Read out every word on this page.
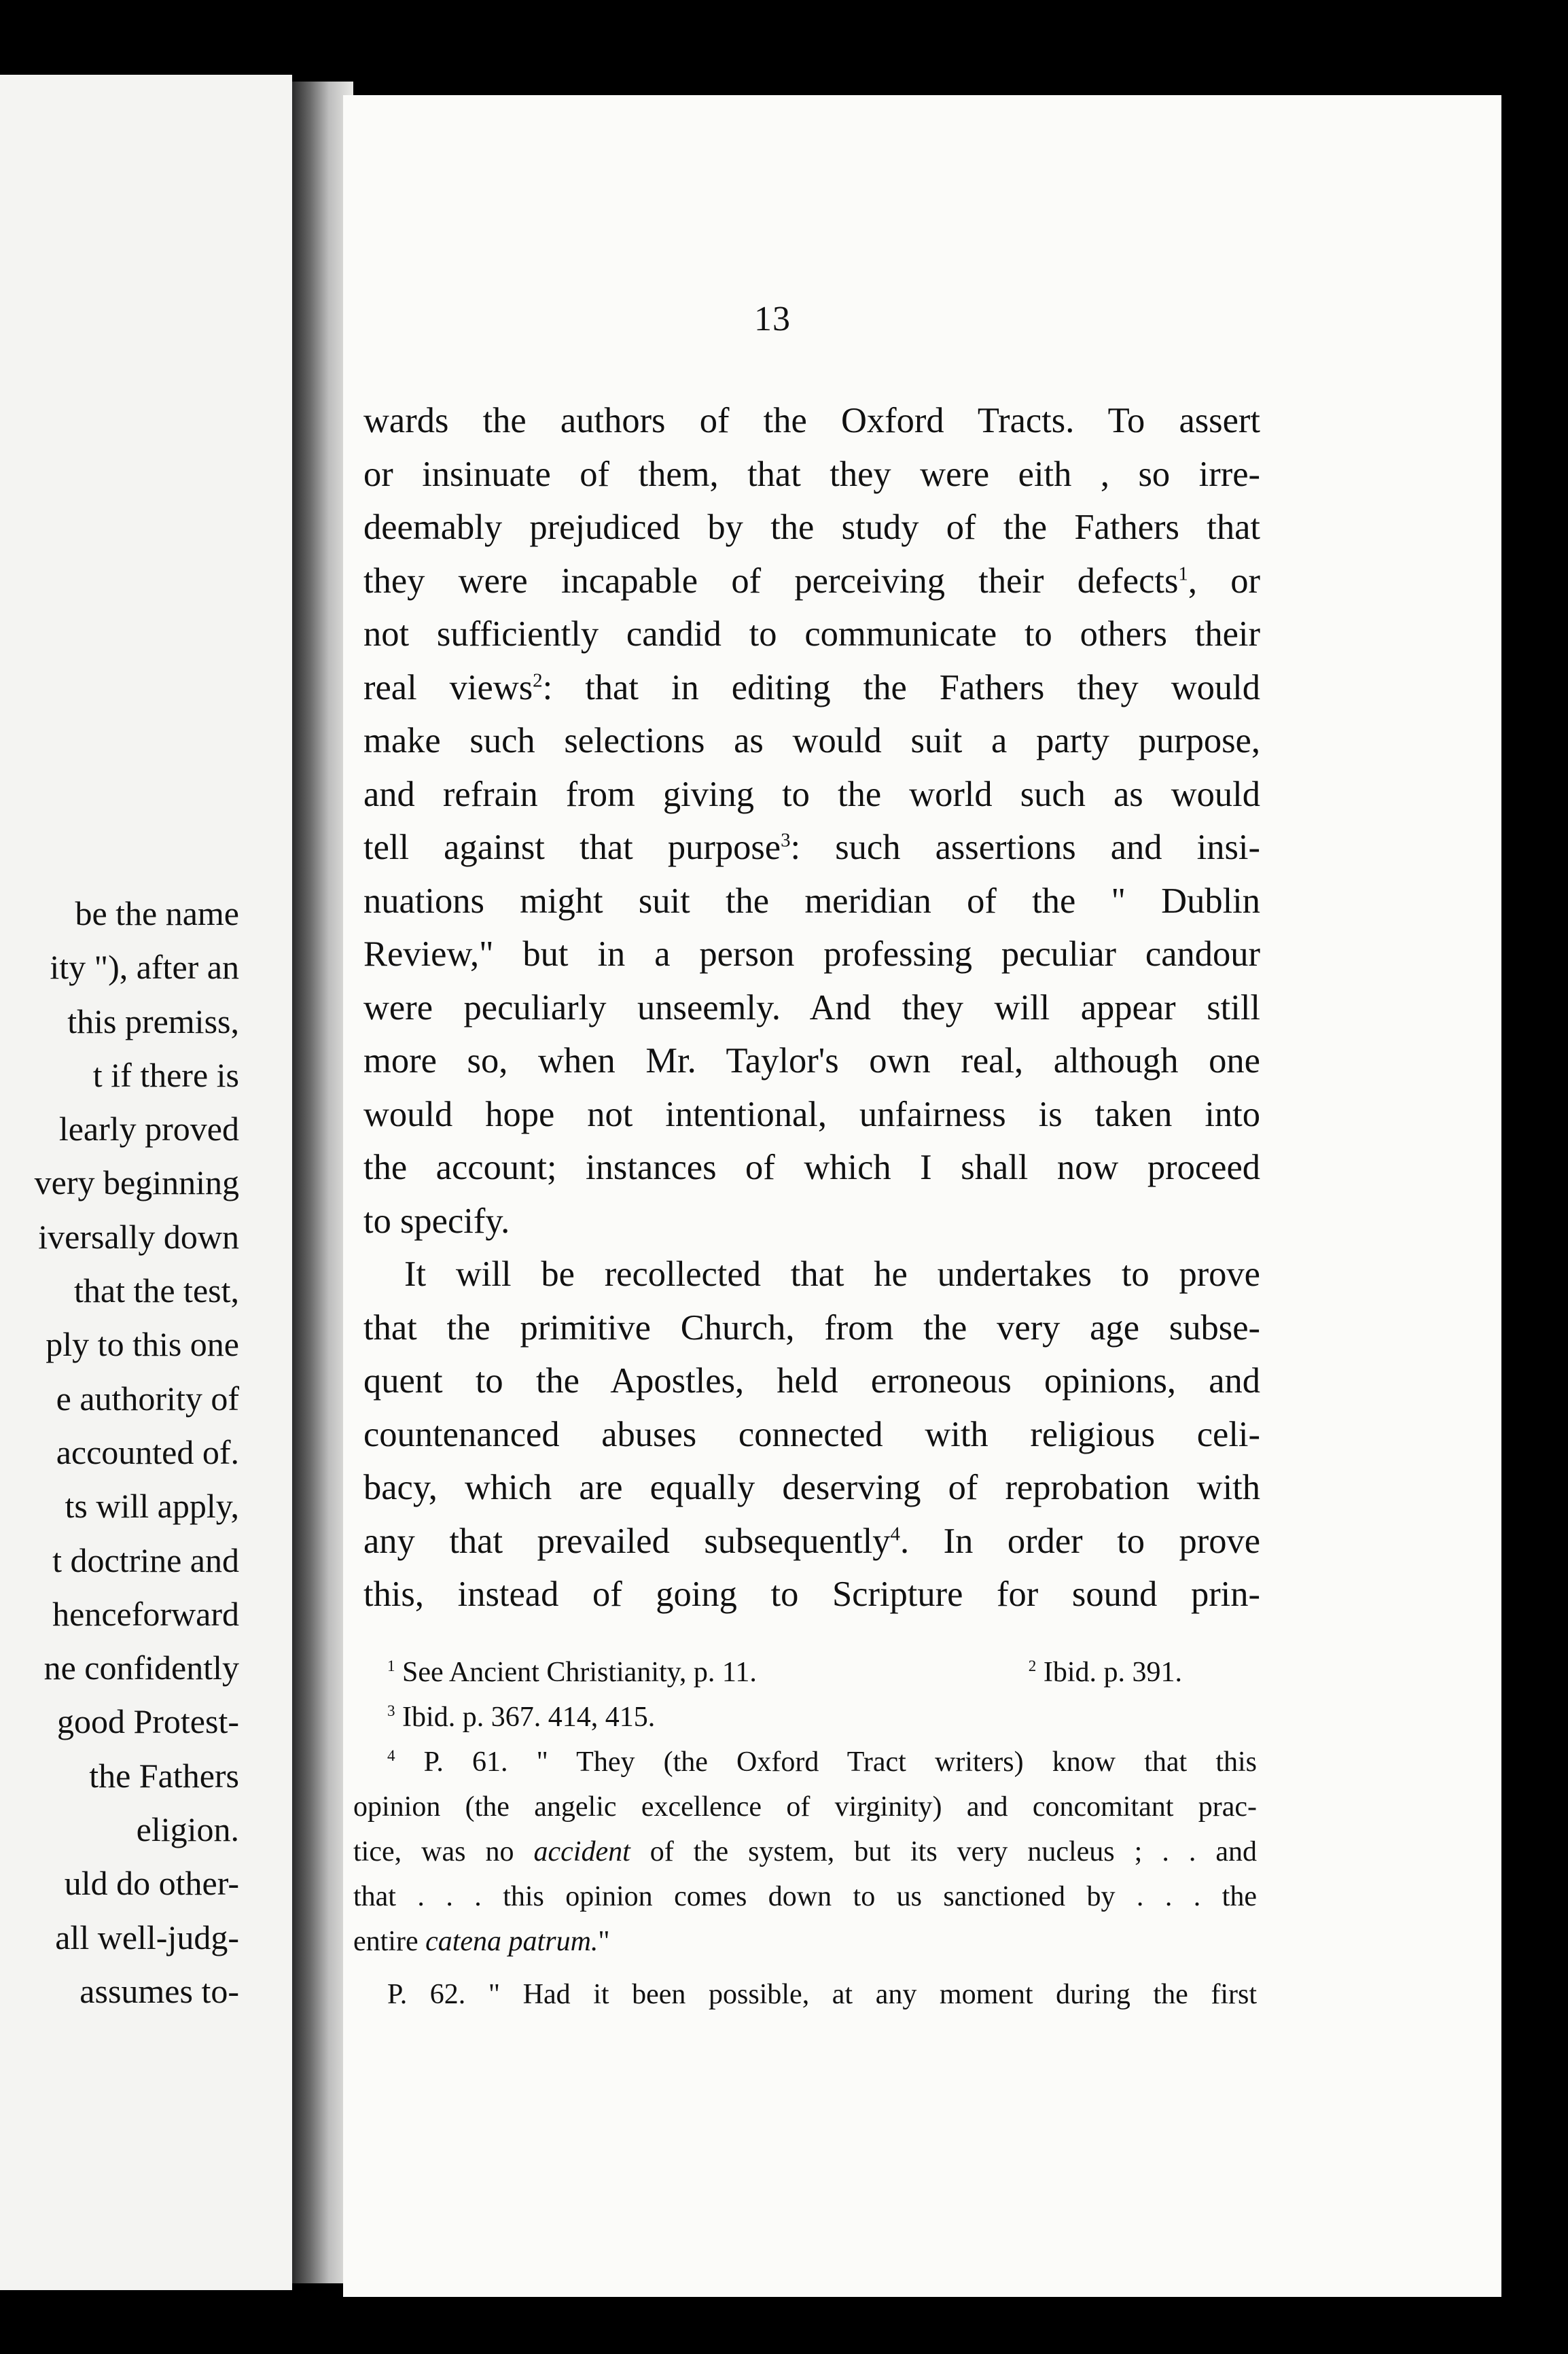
be the name
ity "), after an
this premiss,
t if there is
learly proved
very beginning
iversally down
that the test,
ply to this one
e authority of
accounted of.
ts will apply,
t doctrine and
henceforward
ne confidently
good Protest-
the Fathers
eligion.
uld do other-
all well-judg-
assumes to-
13
wards the authors of the Oxford Tracts. To assert
or insinuate of them, that they were eith , so irre-
deemably prejudiced by the study of the Fathers that
they were incapable of perceiving their defects$^1$, or
not sufficiently candid to communicate to others their
real views$^2$: that in editing the Fathers they would
make such selections as would suit a party purpose,
and refrain from giving to the world such as would
tell against that purpose$^3$: such assertions and insi-
nuations might suit the meridian of the " Dublin
Review," but in a person professing peculiar candour
were peculiarly unseemly. And they will appear still
more so, when Mr. Taylor's own real, although one
would hope not intentional, unfairness is taken into
the account; instances of which I shall now proceed
to specify.
It will be recollected that he undertakes to prove
that the primitive Church, from the very age subse-
quent to the Apostles, held erroneous opinions, and
countenanced abuses connected with religious celi-
bacy, which are equally deserving of reprobation with
any that prevailed subsequently$^4$. In order to prove
this, instead of going to Scripture for sound prin-
$^1$ See Ancient Christianity, p. 11.	$^2$ Ibid. p. 391.
$^3$ Ibid. p. 367. 414, 415.
$^4$ P. 61. " They (the Oxford Tract writers) know that this
opinion (the angelic excellence of virginity) and concomitant prac-
tice, was no accident of the system, but its very nucleus ; . . and
that . . . this opinion comes down to us sanctioned by . . . the
entire catena patrum."
P. 62. " Had it been possible, at any moment during the first
